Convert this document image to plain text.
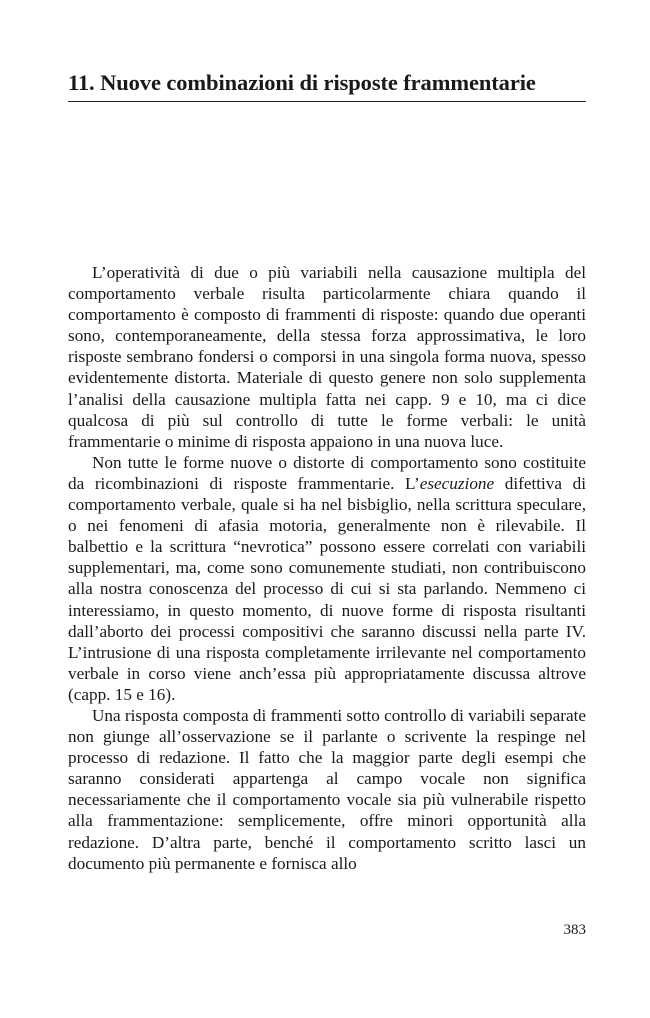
11. Nuove combinazioni di risposte frammentarie

L’operatività di due o più variabili nella causazione multipla del comportamento verbale risulta particolarmente chiara quando il comportamento è composto di frammenti di risposte: quando due operanti sono, contemporaneamente, della stessa forza approssimativa, le loro risposte sembrano fondersi o comporsi in una singola forma nuova, spesso evidentemente distorta. Materiale di questo genere non solo supplementa l’analisi della causazione multipla fatta nei capp. 9 e 10, ma ci dice qualcosa di più sul controllo di tutte le forme verbali: le unità frammentarie o minime di risposta appaiono in una nuova luce.

Non tutte le forme nuove o distorte di comportamento sono costituite da ricombinazioni di risposte frammentarie. L’esecuzione difettiva di comportamento verbale, quale si ha nel bisbiglio, nella scrittura speculare, o nei fenomeni di afasia motoria, generalmente non è rilevabile. Il balbettio e la scrittura “nevrotica” possono essere correlati con variabili supplementari, ma, come sono comunemente studiati, non contribuiscono alla nostra conoscenza del processo di cui si sta parlando. Nemmeno ci interessiamo, in questo momento, di nuove forme di risposta risultanti dall’aborto dei processi compositivi che saranno discussi nella parte IV. L’intrusione di una risposta completamente irrilevante nel comportamento verbale in corso viene anch’essa più appropriatamente discussa altrove (capp. 15 e 16).

Una risposta composta di frammenti sotto controllo di variabili separate non giunge all’osservazione se il parlante o scrivente la respinge nel processo di redazione. Il fatto che la maggior parte degli esempi che saranno considerati appartenga al campo vocale non significa necessariamente che il comportamento vocale sia più vulnerabile rispetto alla frammentazione: semplicemente, offre minori opportunità alla redazione. D’altra parte, benché il comportamento scritto lasci un documento più permanente e fornisca allo

383
